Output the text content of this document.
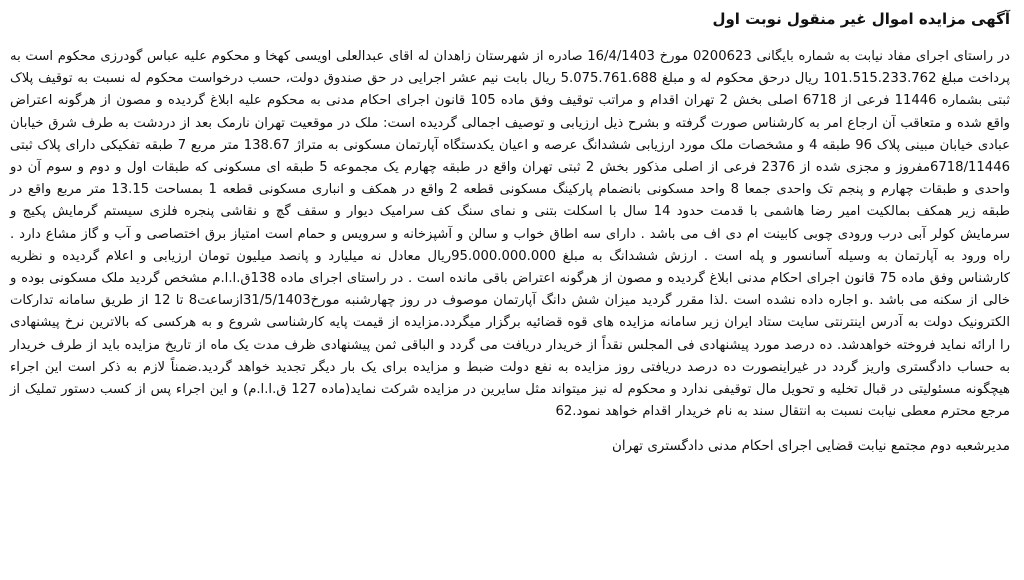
آگهی مزایده اموال غیر منقول نوبت اول

در راستای اجرای مفاد نیابت به شماره بایگانی 0200623 مورخ 16/4/1403 صادره از شهرستان زاهدان له اقای عبدالعلی اویسی کهخا و محکوم علیه عباس گودرزی محکوم است به پرداخت مبلغ 101.515.233.762 ریال درحق محکوم له و مبلغ 5.075.761.688 ریال بابت نیم عشر اجرایی در حق صندوق دولت، حسب درخواست محکوم له نسبت به توقیف پلاک ثبتی بشماره 11446 فرعی از 6718 اصلی بخش 2 تهران اقدام و مراتب توقیف وفق ماده 105 قانون اجرای احکام مدنی به محکوم علیه ابلاغ گردیده و مصون از هرگونه اعتراض واقع شده و متعاقب آن ارجاع امر به کارشناس صورت گرفته و بشرح ذیل ارزیابی و توصیف اجمالی گردیده است: ملک در موقعیت تهران نارمک بعد از دردشت به طرف شرق خیابان عبادی خیابان مبینی پلاک 96 طبقه 4 و مشخصات ملک مورد ارزیابی ششدانگ عرصه و اعیان یکدستگاه آپارتمان مسکونی به متراژ 138.67 متر مربع 7 طبقه تفکیکی دارای پلاک ثبتی 6718/11446مفروز و مجزی شده از 2376 فرعی از اصلی مذکور بخش 2 ثبتی تهران واقع در طبقه چهارم یک مجموعه 5 طبقه ای مسکونی که طبقات اول و دوم و سوم آن دو واحدی و طبقات چهارم و پنجم تک واحدی جمعا 8 واحد مسکونی بانضمام پارکینگ مسکونی قطعه 2 واقع در همکف و انباری مسکونی قطعه 1 بمساحت 13.15 متر مربع واقع در طبقه زیر همکف بمالکیت امیر رضا هاشمی با قدمت حدود 14 سال با اسکلت بتنی و نمای سنگ کف سرامیک دیوار و سقف گچ و نقاشی پنجره فلزی سیستم گرمایش پکیج و سرمایش کولر آبی درب ورودی چوبی کابینت ام دی اف می باشد . دارای سه اطاق خواب و سالن و آشپزخانه و سرویس و حمام است امتیاز برق اختصاصی و آب و گاز مشاع دارد . راه ورود به آپارتمان به وسیله آسانسور و پله است . ارزش ششدانگ به مبلغ 95.000.000.000ریال معادل نه میلیارد و پانصد میلیون تومان ارزیابی و اعلام گردیده و نظریه کارشناس وفق ماده 75 قانون اجرای احکام مدنی ابلاغ گردیده و مصون از هرگونه اعتراض باقی مانده است . در راستای اجرای ماده 138ق.ا.ا.م مشخص گردید ملک مسکونی بوده و خالی از سکنه می باشد .و اجاره داده نشده است .لذا مقرر گردید میزان شش دانگ آپارتمان موصوف در روز چهارشنبه مورخ31/5/1403ازساعت8 تا 12 از طریق سامانه تدارکات الکترونیک دولت به آدرس اینترنتی سایت ستاد ایران زیر سامانه مزایده های قوه قضائیه برگزار میگردد.مزایده از قیمت پایه کارشناسی شروع و به هرکسی که بالاترین نرخ پیشنهادی را ارائه نماید فروخته خواهدشد. ده درصد مورد پیشنهادی فی المجلس نقداً از خریدار دریافت می گردد و الباقی ثمن پیشنهادی ظرف مدت یک ماه از تاریخ مزایده باید از طرف خریدار به حساب دادگستری واریز گردد در غیراینصورت ده درصد دریافتی روز مزایده به نفع دولت ضبط و مزایده برای یک بار دیگر تجدید خواهد گردید.ضمناً لازم به ذکر است این اجراء هیچگونه مسئولیتی در قبال تخلیه و تحویل مال توقیفی ندارد و محکوم له نیز میتواند مثل سایرین در مزایده شرکت نماید(ماده 127 ق.ا.ا.م) و این اجراء پس از کسب دستور تملیک از مرجع محترم معطی نیابت نسبت به انتقال سند به نام خریدار اقدام خواهد نمود.62

مدیرشعبه دوم مجتمع نیابت قضایی اجرای احکام مدنی دادگستری تهران
